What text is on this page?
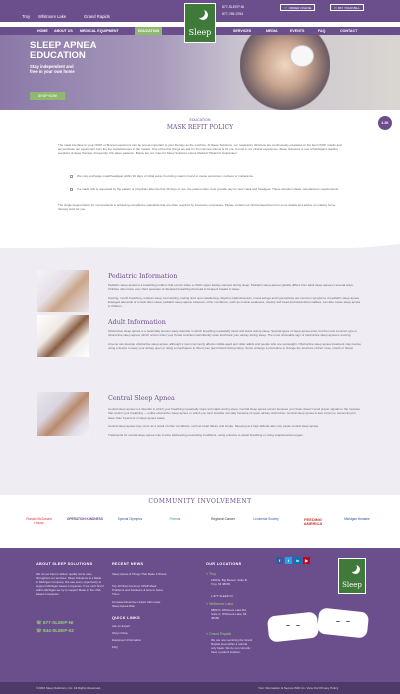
Troy Whitmore Lake	Grand Rapids
877-SLEEP-NI
877-765-3764
🛒 ORDER ONLINE	▭ PAY YOUR BILL
HOME ABOUT US MEDICAL EQUIPMENT	EDUCATION	SERVICES	MEDIA	EVENTS	FAQ	CONTACT
SLEEP APNEA
EDUCATION
Stay independent and
free in your own home
SHOP NOW
Sleep
4.2K
EDUCATION
MASK REFIT POLICY

The mask interface to your CPAP or Bi-level equipment can be just as important to your therapy as the machine. At Sleep Solutions, our respiratory clinicians are continuously educated on the best CPAP masks and we purchase our equipment from the top manufacturers in the market. One of the first things we ask for from all new clients is for you to trust in our clinical experience. Sleep Solutions is one of Michigan's leading suppliers of sleep therapy. Frequently, this takes patience. Below are our rules for Sleep Solutions Home Medical "Mask Fit Guarantee".

We may exchange mask/headgear within 30 days of initial setup if existing mask is found to cause secretions, redness or intolerance.

If a mask refit is requested by the patient or physician after the first 30 days of use, the patient often must provide pay for new mask and headgear. These will also initiate manufacturer requirements.

The single largest factor for most patients is achieving compliance standards that are often required by insurance companies. Please contact our clinical department for more details and advice on making home therapy work for you.

Pediatric Information

Pediatric sleep apnea is a breathing problem that occurs when a child's upper airway narrows during sleep. Pediatric sleep apnea typically differs from adult sleep apnea in several ways. Children often have very short episodes of disrupted breathing that lead to frequent breaks in sleep.

Snoring, mouth breathing, restless sleep, bed wetting, feeling tired upon awakening, daytime inattentiveness, mood swings and hyperactivity are common symptoms of pediatric sleep apnea. Enlarged adenoids or tonsils often cause pediatric sleep apnea. However, other conditions, such as muscle weakness, obesity and head and facial abnormalities, can also cause sleep apnea in children.

Adult Information

Obstructive sleep apnea is a potentially serious sleep disorder in which breathing repeatedly stops and starts during sleep. Several types of sleep apnea exist, but the most common type is obstructive sleep apnea, which occurs when your throat muscles intermittently relax and block your airway during sleep. The most noticeable sign of obstructive sleep apnea is snoring.

Anyone can develop obstructive sleep apnea, although it most commonly affects middle-aged and older adults and people who are overweight. Obstructive sleep apnea treatment may involve using a device to keep your airway open or using a mouthpiece to thrust your jaw forward during sleep. Some undergo a procedure to change the structure of their nose, mouth or throat.

Central Sleep Apnea

Central sleep apnea is a disorder in which your breathing repeatedly stops and starts during sleep. Central sleep apnea occurs because your brain doesn't send proper signals to the muscles that control your breathing — unlike obstructive sleep apnea, in which you can't breathe normally because of upper airway obstruction. Central sleep apnea is less common, accounting for fewer than 5 percent of sleep apnea cases.

Central sleep apnea may occur as a result of other conditions, such as heart failure and stroke. Sleeping at a high altitude also may cause central sleep apnea.

Treatments for central sleep apnea may involve addressing preexisting conditions, using a device to assist breathing or using supplemental oxygen.

COMMUNITY INVOLVEMENT
Ronald McDonald House
OPERATION KINDNESS	Special Olympics	Friends	Regional Cancer	Leukemia Society	FEEDING AMERICA
Michigan Humane
ABOUT SLEEP SOLUTIONS

We do our best to deliver quality home care throughout our services. Sleep Solutions is a Made in Michigan Company. We use every opportunity to support Michigan-based companies. If we can't find it within Michigan we try to support Made in the USA based companies.

☏ 877-SLEEP-NI
☏ 844-SLEEP-02
RECENT NEWS

Sleep Apnea & Things That Make It Worse

Top 10 Most Common CPAP Mask Problems and Solutions & How to Solve Them

Increased Exercise Linked with Lower Sleep Apnea Risk

QUICK LINKS

Ask an Expert

Shop Online

Equipment Information

FAQ

OUR LOCATIONS
⌖ Troy

1990 E. Big Beaver, Suite B, Troy, MI 48083

1-877-SLEEP-NI

⌖ Whitmore Lake

9880 N. Whitmore Lake Rd. Suite C, Whitmore Lake, MI 48189

⌖ Grand Rapids

We are now servicing the Grand Rapids area within a referral only basis. We do not currently have a patient location.

Sleep
f	t	in	▶
©2020 Sleep Solutions, Inc. All Rights Reserved.	Your Information Is Secure With Us. View Our Privacy Policy
